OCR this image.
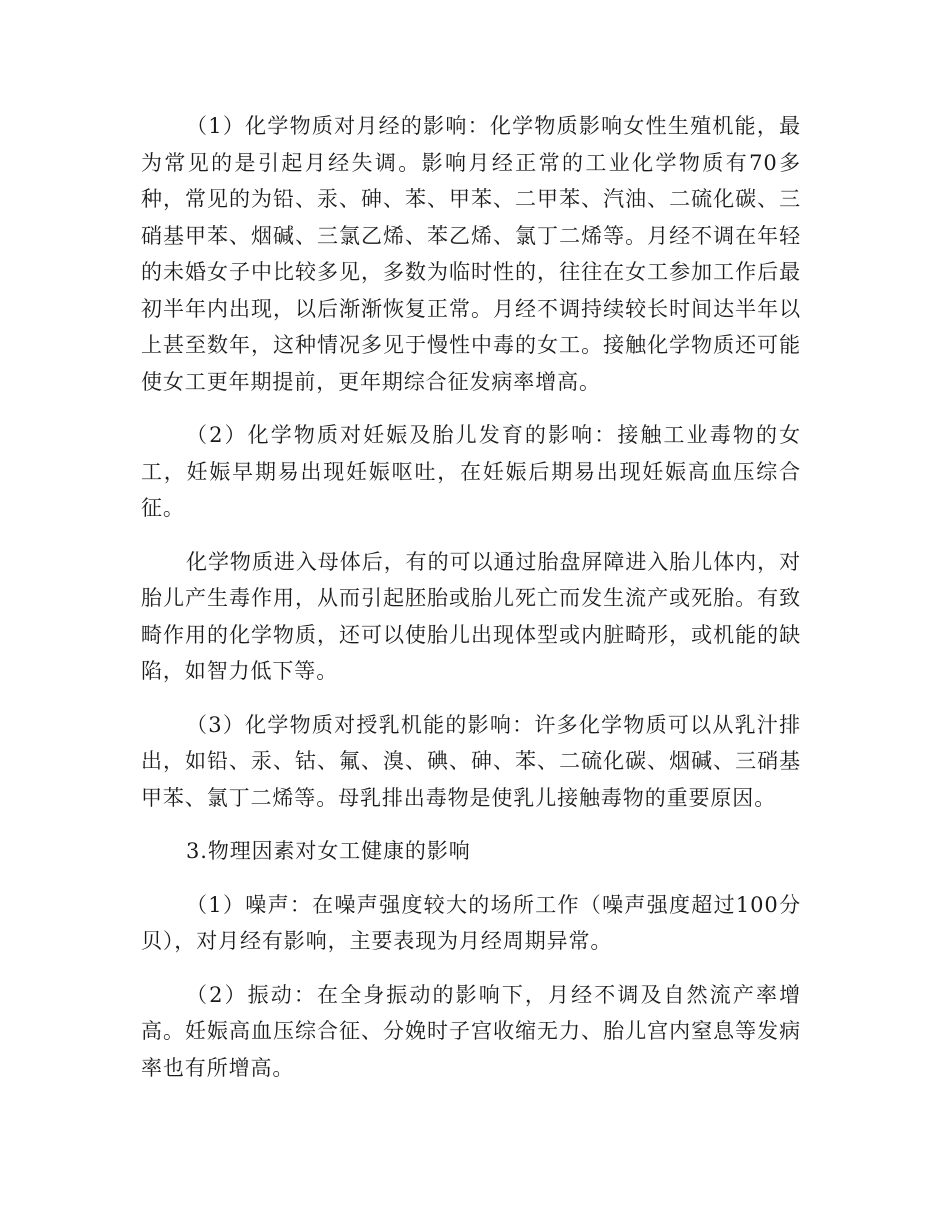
（1）化学物质对月经的影响：化学物质影响女性生殖机能，最为常见的是引起月经失调。影响月经正常的工业化学物质有70多种，常见的为铅、汞、砷、苯、甲苯、二甲苯、汽油、二硫化碳、三硝基甲苯、烟碱、三氯乙烯、苯乙烯、氯丁二烯等。月经不调在年轻的未婚女子中比较多见，多数为临时性的，往往在女工参加工作后最初半年内出现，以后渐渐恢复正常。月经不调持续较长时间达半年以上甚至数年，这种情况多见于慢性中毒的女工。接触化学物质还可能使女工更年期提前，更年期综合征发病率增高。

（2）化学物质对妊娠及胎儿发育的影响：接触工业毒物的女工，妊娠早期易出现妊娠呕吐，在妊娠后期易出现妊娠高血压综合征。

化学物质进入母体后，有的可以通过胎盘屏障进入胎儿体内，对胎儿产生毒作用，从而引起胚胎或胎儿死亡而发生流产或死胎。有致畸作用的化学物质，还可以使胎儿出现体型或内脏畸形，或机能的缺陷，如智力低下等。

（3）化学物质对授乳机能的影响：许多化学物质可以从乳汁排出，如铅、汞、钴、氟、溴、碘、砷、苯、二硫化碳、烟碱、三硝基甲苯、氯丁二烯等。母乳排出毒物是使乳儿接触毒物的重要原因。

3.物理因素对女工健康的影响

（1）噪声：在噪声强度较大的场所工作（噪声强度超过100分贝），对月经有影响，主要表现为月经周期异常。

（2）振动：在全身振动的影响下，月经不调及自然流产率增高。妊娠高血压综合征、分娩时子宫收缩无力、胎儿宫内窒息等发病率也有所增高。
